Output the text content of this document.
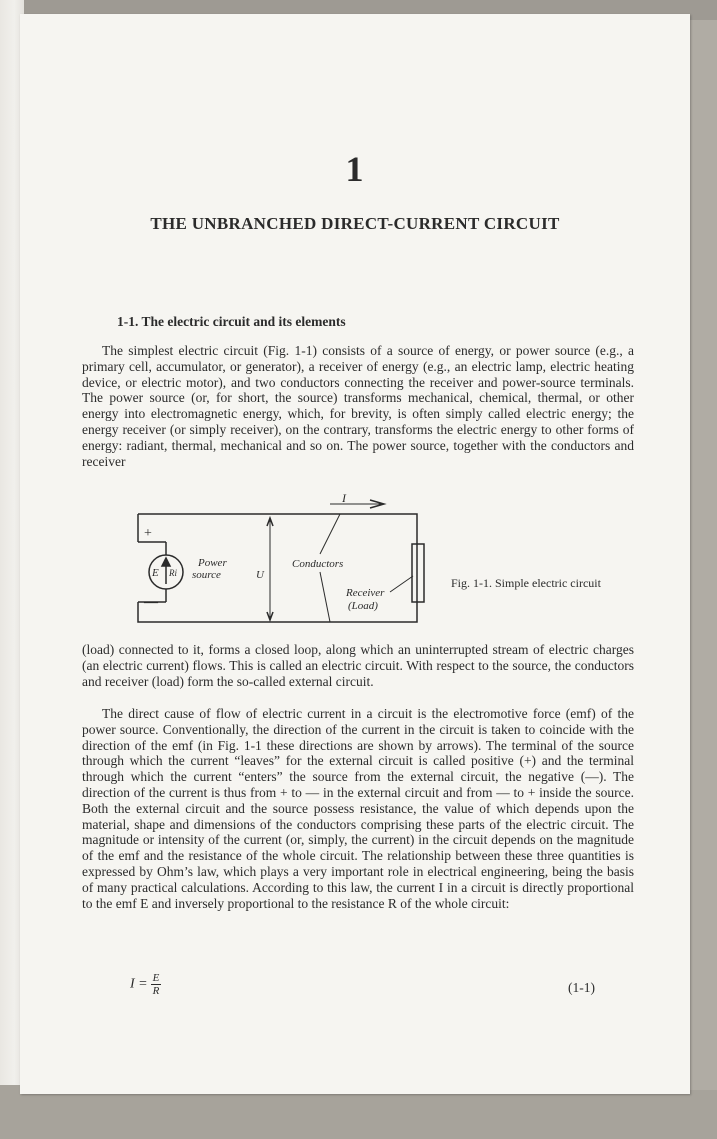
1
THE UNBRANCHED DIRECT-CURRENT CIRCUIT
1-1. The electric circuit and its elements
The simplest electric circuit (Fig. 1-1) consists of a source of energy, or power source (e.g., a primary cell, accumulator, or generator), a receiver of energy (e.g., an electric lamp, electric heating device, or electric motor), and two conductors connecting the receiver and power-source terminals. The power source (or, for short, the source) transforms mechanical, chemical, thermal, or other energy into electromagnetic energy, which, for brevity, is often simply called electric energy; the energy receiver (or simply receiver), on the contrary, transforms the electric energy to other forms of energy: radiant, thermal, mechanical and so on. The power source, together with the conductors and receiver
I
+
—
E Ri
Power
source	U
Conductors
Receiver
(Load)
Fig. 1-1. Simple electric circuit
(load) connected to it, forms a closed loop, along which an uninterrupted stream of electric charges (an electric current) flows. This is called an electric circuit. With respect to the source, the conductors and receiver (load) form the so-called external circuit.
The direct cause of flow of electric current in a circuit is the electromotive force (emf) of the power source. Conventionally, the direction of the current in the circuit is taken to coincide with the direction of the emf (in Fig. 1-1 these directions are shown by arrows). The terminal of the source through which the current “leaves” for the external circuit is called positive (+) and the terminal through which the current “enters” the source from the external circuit, the negative (—). The direction of the current is thus from + to — in the external circuit and from — to + inside the source. Both the external circuit and the source possess resistance, the value of which depends upon the material, shape and dimensions of the conductors comprising these parts of the electric circuit. The magnitude or intensity of the current (or, simply, the current) in the circuit depends on the magnitude of the emf and the resistance of the whole circuit. The relationship between these three quantities is expressed by Ohm’s law, which plays a very important role in electrical engineering, being the basis of many practical calculations. According to this law, the current I in a circuit is directly proportional to the emf E and inversely proportional to the resistance R of the whole circuit:
$I = \frac{E}{R}$	(1-1)
